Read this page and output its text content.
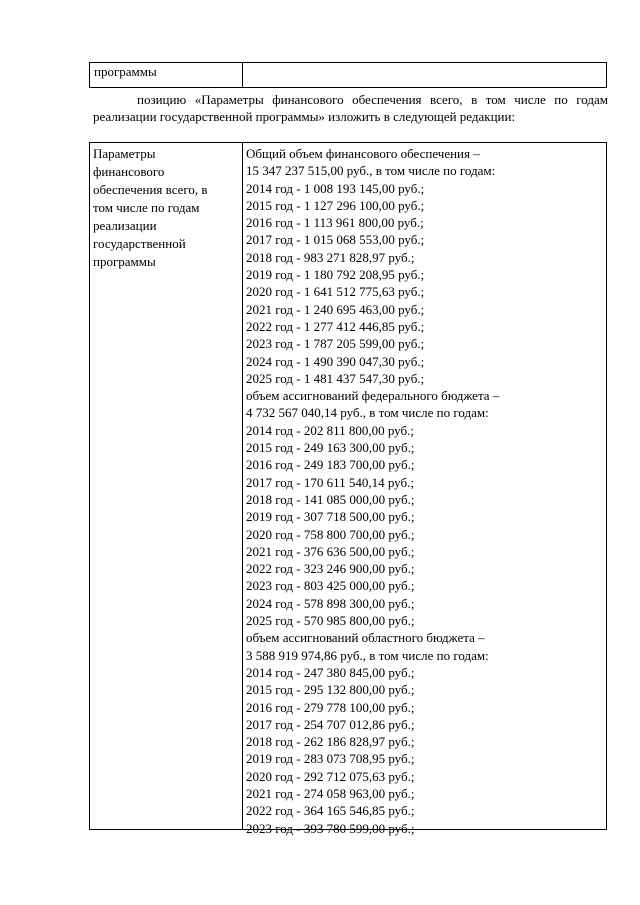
программы

позицию «Параметры финансового обеспечения всего, в том числе по годам реализации государственной программы» изложить в следующей редакции:

Параметры
финансового
обеспечения всего, в
том числе по годам
реализации
государственной
программы
Общий объем финансового обеспечения –
15 347 237 515,00 руб., в том числе по годам:
2014 год - 1 008 193 145,00 руб.;
2015 год - 1 127 296 100,00 руб.;
2016 год - 1 113 961 800,00 руб.;
2017 год - 1 015 068 553,00 руб.;
2018 год - 983 271 828,97 руб.;
2019 год - 1 180 792 208,95 руб.;
2020 год - 1 641 512 775,63 руб.;
2021 год - 1 240 695 463,00 руб.;
2022 год - 1 277 412 446,85 руб.;
2023 год - 1 787 205 599,00 руб.;
2024 год - 1 490 390 047,30 руб.;
2025 год - 1 481 437 547,30 руб.;
объем ассигнований федерального бюджета –
4 732 567 040,14 руб., в том числе по годам:
2014 год - 202 811 800,00 руб.;
2015 год - 249 163 300,00 руб.;
2016 год - 249 183 700,00 руб.;
2017 год - 170 611 540,14 руб.;
2018 год - 141 085 000,00 руб.;
2019 год - 307 718 500,00 руб.;
2020 год - 758 800 700,00 руб.;
2021 год - 376 636 500,00 руб.;
2022 год - 323 246 900,00 руб.;
2023 год - 803 425 000,00 руб.;
2024 год - 578 898 300,00 руб.;
2025 год - 570 985 800,00 руб.;
объем ассигнований областного бюджета –
3 588 919 974,86 руб., в том числе по годам:
2014 год - 247 380 845,00 руб.;
2015 год - 295 132 800,00 руб.;
2016 год - 279 778 100,00 руб.;
2017 год - 254 707 012,86 руб.;
2018 год - 262 186 828,97 руб.;
2019 год - 283 073 708,95 руб.;
2020 год - 292 712 075,63 руб.;
2021 год - 274 058 963,00 руб.;
2022 год - 364 165 546,85 руб.;
2023 год - 393 780 599,00 руб.;
